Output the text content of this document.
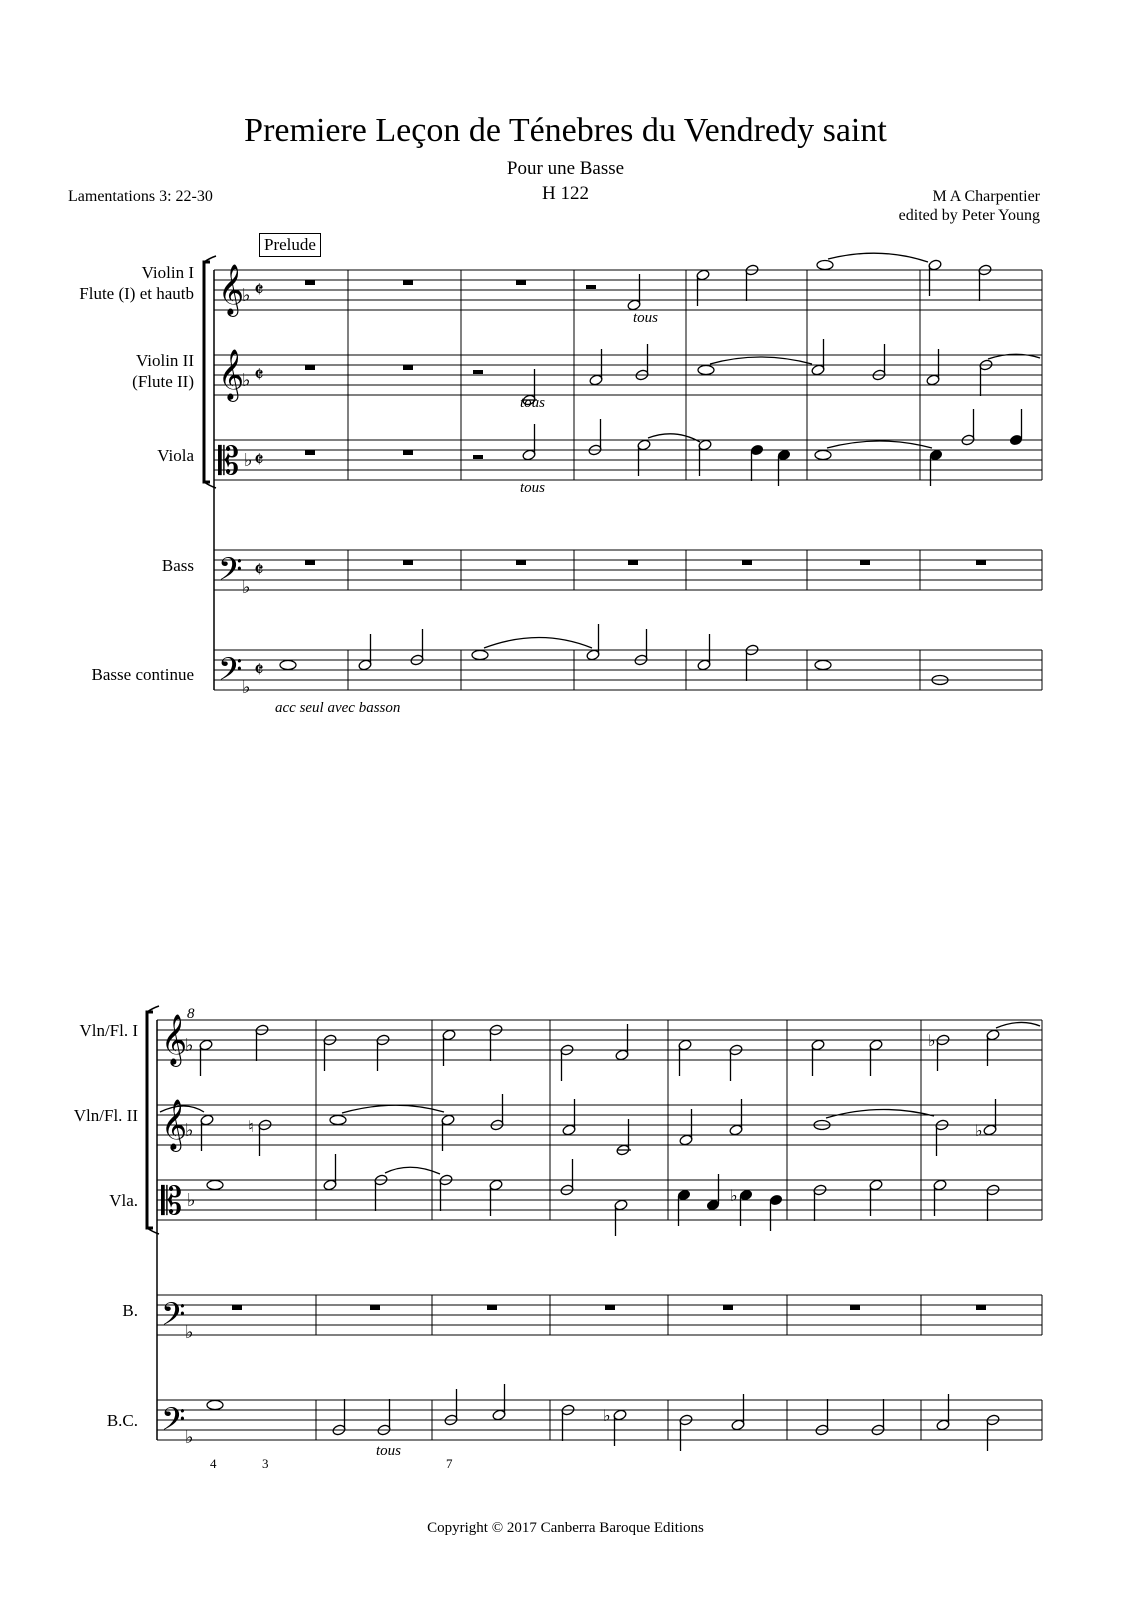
Premiere Leçon de Ténebres du Vendredy saint
Pour une Basse
H 122
Lamentations 3: 22-30	M A Charpentier
edited by Peter Young
Prelude
Violin I
Flute (I) et hautb
Violin II
(Flute II)
Viola
Bass
Basse continue
tous
tous
tous
acc seul avec basson
8
Vln/Fl. I
Vln/Fl. II
Vla.
B.
B.C.
tous
4	3	7
Copyright © 2017 Canberra Baroque Editions
𝄞
𝄞
𝄡
𝄢
𝄢
♭
♭
♭
♭
♭
𝄵
𝄵
𝄵
𝄵
𝄵
𝄞
𝄞
𝄡
𝄢
𝄢
♭
♭
♭
♭
♭
♭
♮	♭
♭
♭
